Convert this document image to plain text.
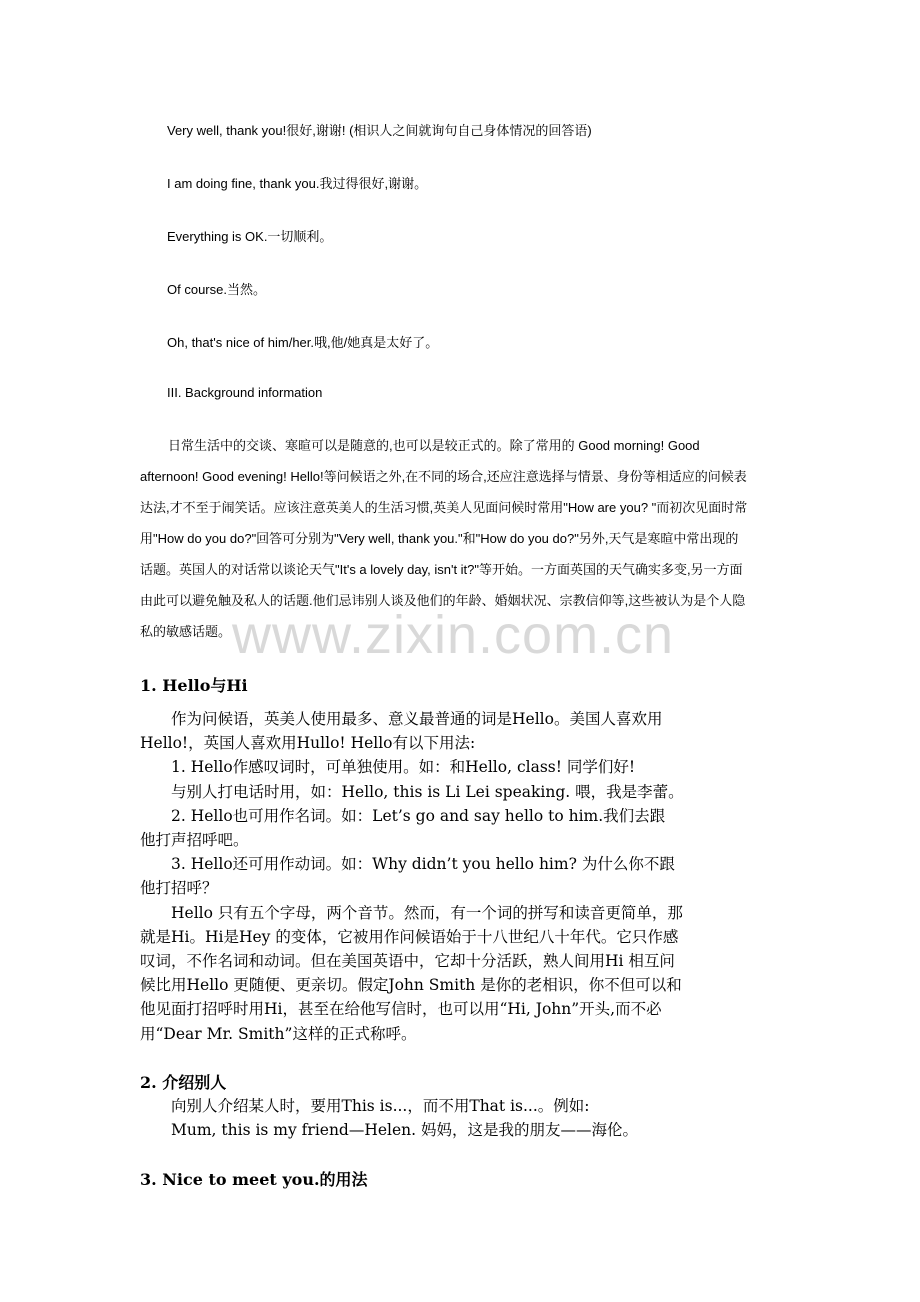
Very well, thank you!很好,谢谢! (相识人之间就询句自己身体情况的回答语)
I am doing fine, thank you.我过得很好,谢谢。
Everything is OK.一切顺利。
Of course.当然。
Oh, that's nice of him/her.哦,他/她真是太好了。
III. Background information
日常生活中的交谈、寒暄可以是随意的,也可以是较正式的。除了常用的 Good morning! Good
afternoon! Good evening! Hello!等问候语之外,在不同的场合,还应注意选择与情景、身份等相适应的问候表
达法,才不至于闹笑话。应该注意英美人的生活习惯,英美人见面问候时常用"How are you? "而初次见面时常
用"How do you do?"回答可分别为"Very well, thank you."和"How do you do?"另外,天气是寒暄中常出现的
话题。英国人的对话常以谈论天气"It's a lovely day, isn't it?"等开始。一方面英国的天气确实多变,另一方面
由此可以避免触及私人的话题.他们忌讳别人谈及他们的年龄、婚姻状况、宗教信仰等,这些被认为是个人隐
私的敏感话题。 www.zixin.com.cn
1. Hello与Hi

　　作为问候语，英美人使用最多、意义最普通的词是Hello。美国人喜欢用

Hello!，英国人喜欢用Hullo! Hello有以下用法:

　　1. Hello作感叹词时，可单独使用。如：和Hello, class! 同学们好!

　　与别人打电话时用，如：Hello, this is Li Lei speaking. 喂，我是李蕾。

　　2. Hello也可用作名词。如：Let’s go and say hello to him.我们去跟

他打声招呼吧。

　　3. Hello还可用作动词。如：Why didn’t you hello him? 为什么你不跟

他打招呼？

　　Hello 只有五个字母，两个音节。然而，有一个词的拼写和读音更简单，那

就是Hi。Hi是Hey 的变体，它被用作问候语始于十八世纪八十年代。它只作感

叹词，不作名词和动词。但在美国英语中，它却十分活跃，熟人间用Hi 相互问

候比用Hello 更随便、更亲切。假定John Smith 是你的老相识，你不但可以和

他见面打招呼时用Hi，甚至在给他写信时，也可以用“Hi, John”开头,而不必

用“Dear Mr. Smith”这样的正式称呼。

2. 介绍别人

　　向别人介绍某人时，要用This is...，而不用That is...。例如:

　　Mum, this is my friend—Helen. 妈妈，这是我的朋友——海伦。

3. Nice to meet you.的用法
